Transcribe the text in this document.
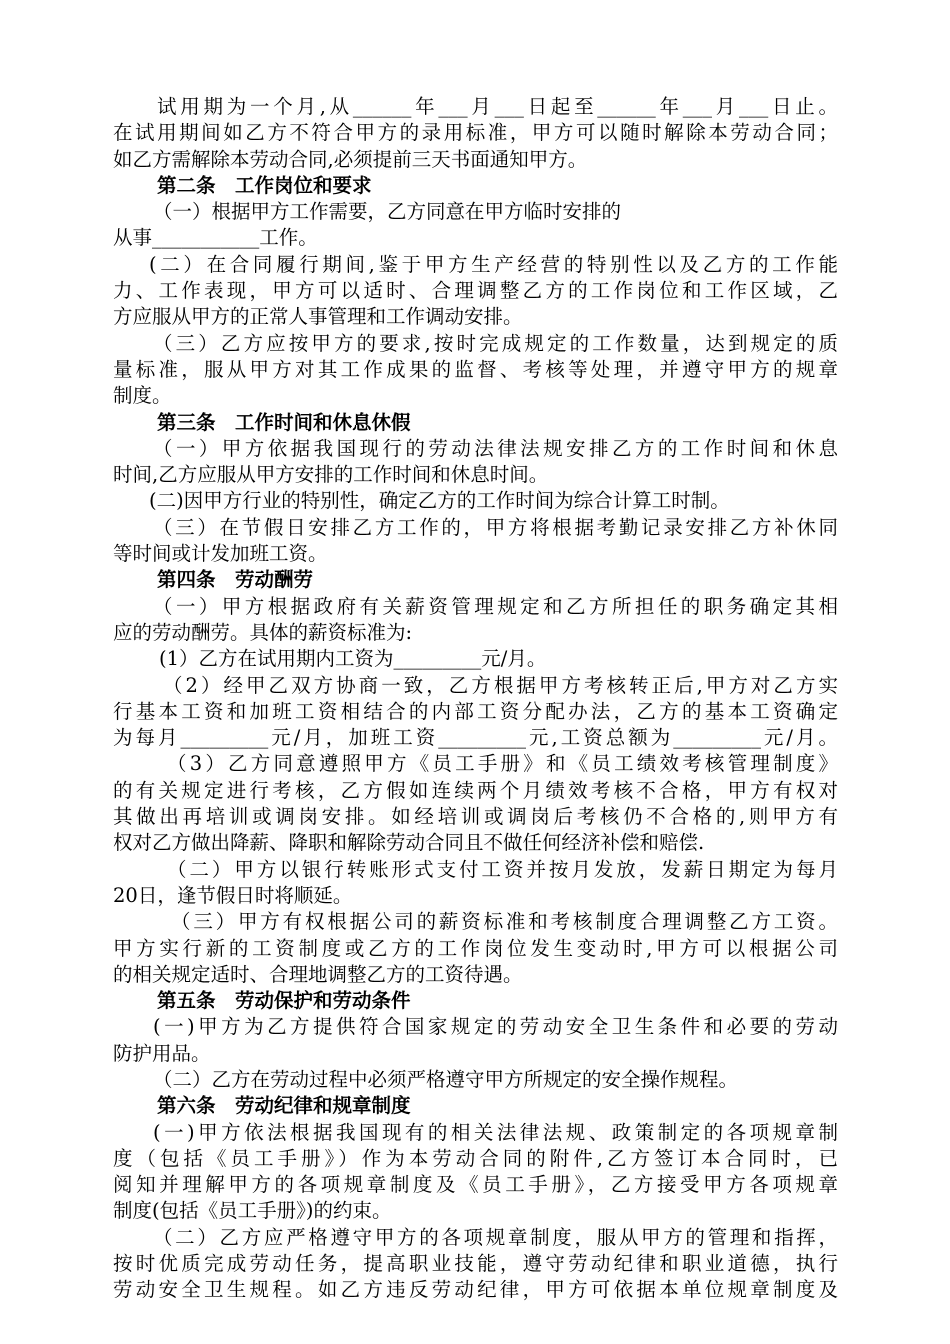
试用期为一个月,从______年___月___日起至______年___月___日止。
在试用期间如乙方不符合甲方的录用标准，甲方可以随时解除本劳动合同；
如乙方需解除本劳动合同,必须提前三天书面通知甲方。
第二条　工作岗位和要求
（一）根据甲方工作需要，乙方同意在甲方临时安排的
从事___________工作。
(二）在合同履行期间,鉴于甲方生产经营的特别性以及乙方的工作能
力、工作表现，甲方可以适时、合理调整乙方的工作岗位和工作区域，乙
方应服从甲方的正常人事管理和工作调动安排。
（三）乙方应按甲方的要求,按时完成规定的工作数量，达到规定的质
量标准，服从甲方对其工作成果的监督、考核等处理，并遵守甲方的规章
制度。
第三条　工作时间和休息休假
（一）甲方依据我国现行的劳动法律法规安排乙方的工作时间和休息
时间,乙方应服从甲方安排的工作时间和休息时间。
(二)因甲方行业的特别性，确定乙方的工作时间为综合计算工时制。
（三）在节假日安排乙方工作的，甲方将根据考勤记录安排乙方补休同
等时间或计发加班工资。
第四条　劳动酬劳
（一）甲方根据政府有关薪资管理规定和乙方所担任的职务确定其相
应的劳动酬劳。具体的薪资标准为:
(1）乙方在试用期内工资为_________元/月。
（2）经甲乙双方协商一致，乙方根据甲方考核转正后,甲方对乙方实
行基本工资和加班工资相结合的内部工资分配办法，乙方的基本工资确定
为每月_________元/月，加班工资_________元,工资总额为_________元/月。
（3）乙方同意遵照甲方《员工手册》和《员工绩效考核管理制度》
的有关规定进行考核，乙方假如连续两个月绩效考核不合格，甲方有权对
其做出再培训或调岗安排。如经培训或调岗后考核仍不合格的,则甲方有
权对乙方做出降薪、降职和解除劳动合同且不做任何经济补偿和赔偿.
（二）甲方以银行转账形式支付工资并按月发放，发薪日期定为每月
20日，逢节假日时将顺延。
（三）甲方有权根据公司的薪资标准和考核制度合理调整乙方工资。
甲方实行新的工资制度或乙方的工作岗位发生变动时,甲方可以根据公司
的相关规定适时、合理地调整乙方的工资待遇。
第五条　劳动保护和劳动条件
(一)甲方为乙方提供符合国家规定的劳动安全卫生条件和必要的劳动
防护用品。
（二）乙方在劳动过程中必须严格遵守甲方所规定的安全操作规程。
第六条　劳动纪律和规章制度
(一)甲方依法根据我国现有的相关法律法规、政策制定的各项规章制
度（包括《员工手册》）作为本劳动合同的附件,乙方签订本合同时，已
阅知并理解甲方的各项规章制度及《员工手册》，乙方接受甲方各项规章
制度(包括《员工手册》)的约束。
（二）乙方应严格遵守甲方的各项规章制度，服从甲方的管理和指挥，
按时优质完成劳动任务，提高职业技能，遵守劳动纪律和职业道德，执行
劳动安全卫生规程。如乙方违反劳动纪律，甲方可依据本单位规章制度及
